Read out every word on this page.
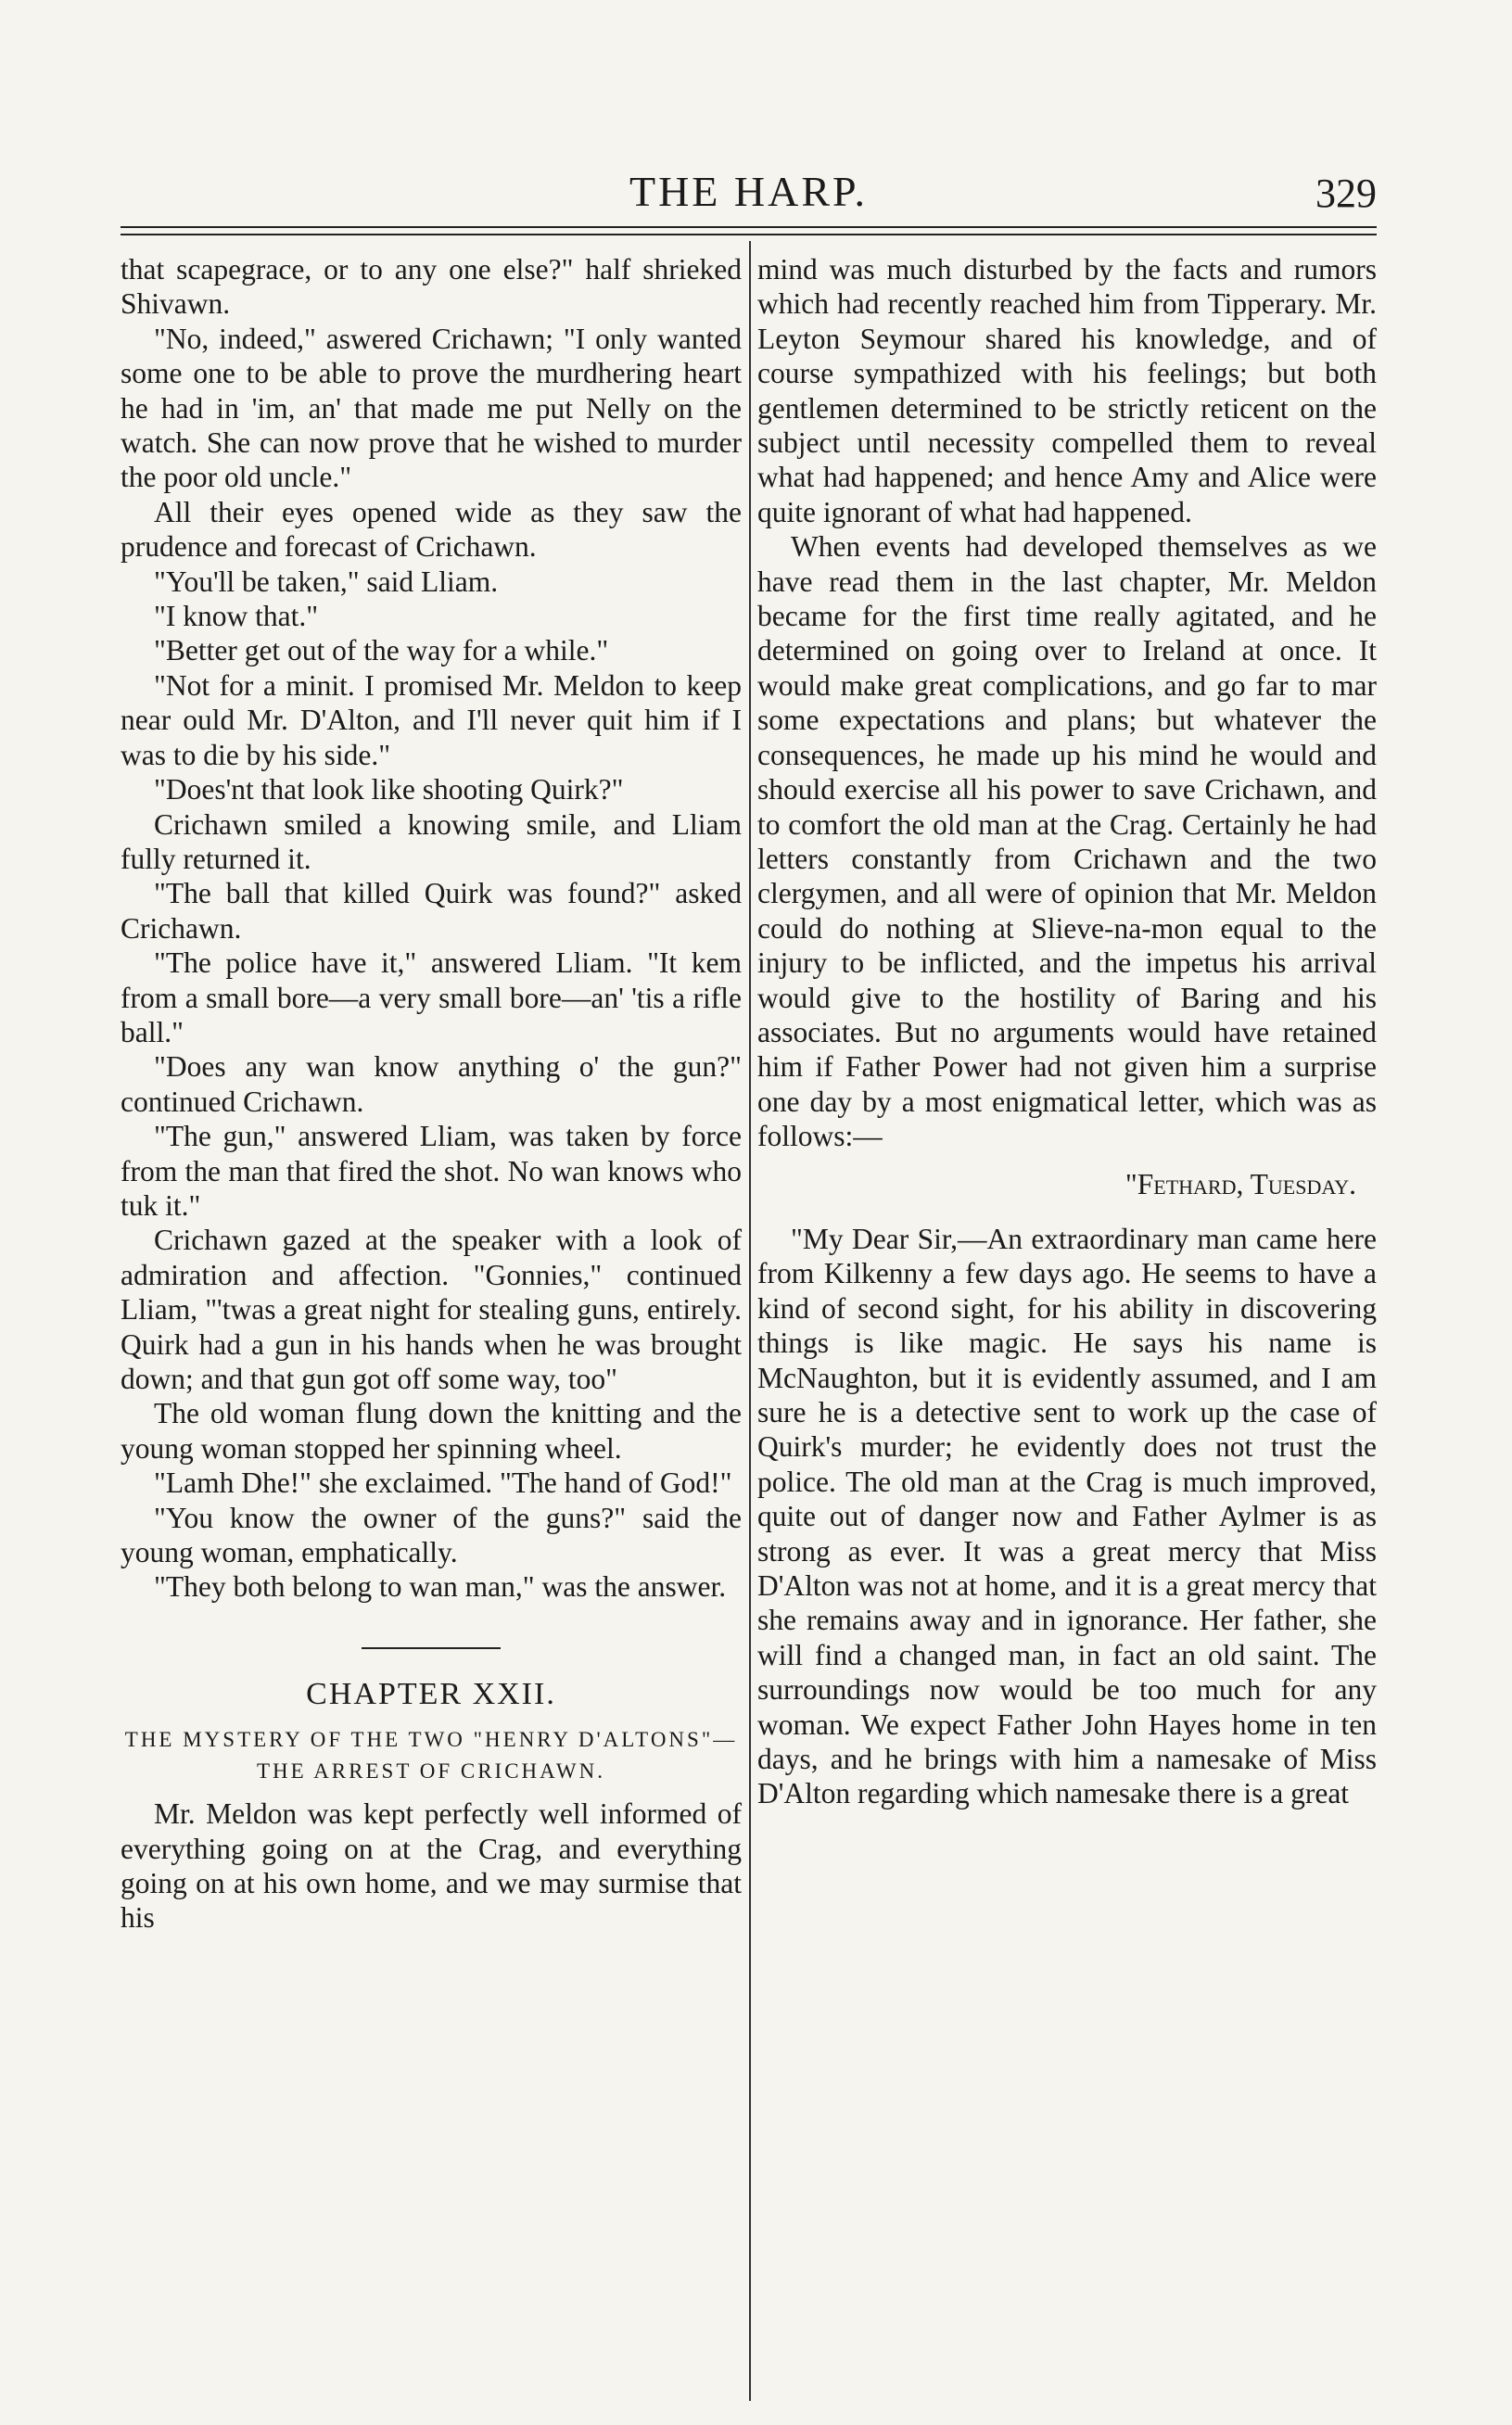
THE HARP.	329

that scapegrace, or to any one else?" half shrieked Shivawn.

"No, indeed," aswered Crichawn; "I only wanted some one to be able to prove the murdhering heart he had in 'im, an' that made me put Nelly on the watch. She can now prove that he wished to murder the poor old uncle."

All their eyes opened wide as they saw the prudence and forecast of Crichawn.

"You'll be taken," said Lliam.

"I know that."

"Better get out of the way for a while."

"Not for a minit. I promised Mr. Meldon to keep near ould Mr. D'Alton, and I'll never quit him if I was to die by his side."

"Does'nt that look like shooting Quirk?"

Crichawn smiled a knowing smile, and Lliam fully returned it.

"The ball that killed Quirk was found?" asked Crichawn.

"The police have it," answered Lliam. "It kem from a small bore—a very small bore—an' 'tis a rifle ball."

"Does any wan know anything o' the gun?" continued Crichawn.

"The gun," answered Lliam, was taken by force from the man that fired the shot. No wan knows who tuk it."

Crichawn gazed at the speaker with a look of admiration and affection. "Gonnies," continued Lliam, "'twas a great night for stealing guns, entirely. Quirk had a gun in his hands when he was brought down; and that gun got off some way, too"

The old woman flung down the knitting and the young woman stopped her spinning wheel.

"Lamh Dhe!" she exclaimed. "The hand of God!"

"You know the owner of the guns?" said the young woman, emphatically.

"They both belong to wan man," was the answer.

CHAPTER XXII.

THE MYSTERY OF THE TWO "HENRY D'ALTONS"—THE ARREST OF CRICHAWN.

Mr. Meldon was kept perfectly well informed of everything going on at the Crag, and everything going on at his own home, and we may surmise that his

mind was much disturbed by the facts and rumors which had recently reached him from Tipperary. Mr. Leyton Seymour shared his knowledge, and of course sympathized with his feelings; but both gentlemen determined to be strictly reticent on the subject until necessity compelled them to reveal what had happened; and hence Amy and Alice were quite ignorant of what had happened.

When events had developed themselves as we have read them in the last chapter, Mr. Meldon became for the first time really agitated, and he determined on going over to Ireland at once. It would make great complications, and go far to mar some expectations and plans; but whatever the consequences, he made up his mind he would and should exercise all his power to save Crichawn, and to comfort the old man at the Crag. Certainly he had letters constantly from Crichawn and the two clergymen, and all were of opinion that Mr. Meldon could do nothing at Slieve-na-mon equal to the injury to be inflicted, and the impetus his arrival would give to the hostility of Baring and his associates. But no arguments would have retained him if Father Power had not given him a surprise one day by a most enigmatical letter, which was as follows:—

"Fethard, Tuesday.

"My Dear Sir,—An extraordinary man came here from Kilkenny a few days ago. He seems to have a kind of second sight, for his ability in discovering things is like magic. He says his name is McNaughton, but it is evidently assumed, and I am sure he is a detective sent to work up the case of Quirk's murder; he evidently does not trust the police. The old man at the Crag is much improved, quite out of danger now and Father Aylmer is as strong as ever. It was a great mercy that Miss D'Alton was not at home, and it is a great mercy that she remains away and in ignorance. Her father, she will find a changed man, in fact an old saint. The surroundings now would be too much for any woman. We expect Father John Hayes home in ten days, and he brings with him a namesake of Miss D'Alton regarding which namesake there is a great
